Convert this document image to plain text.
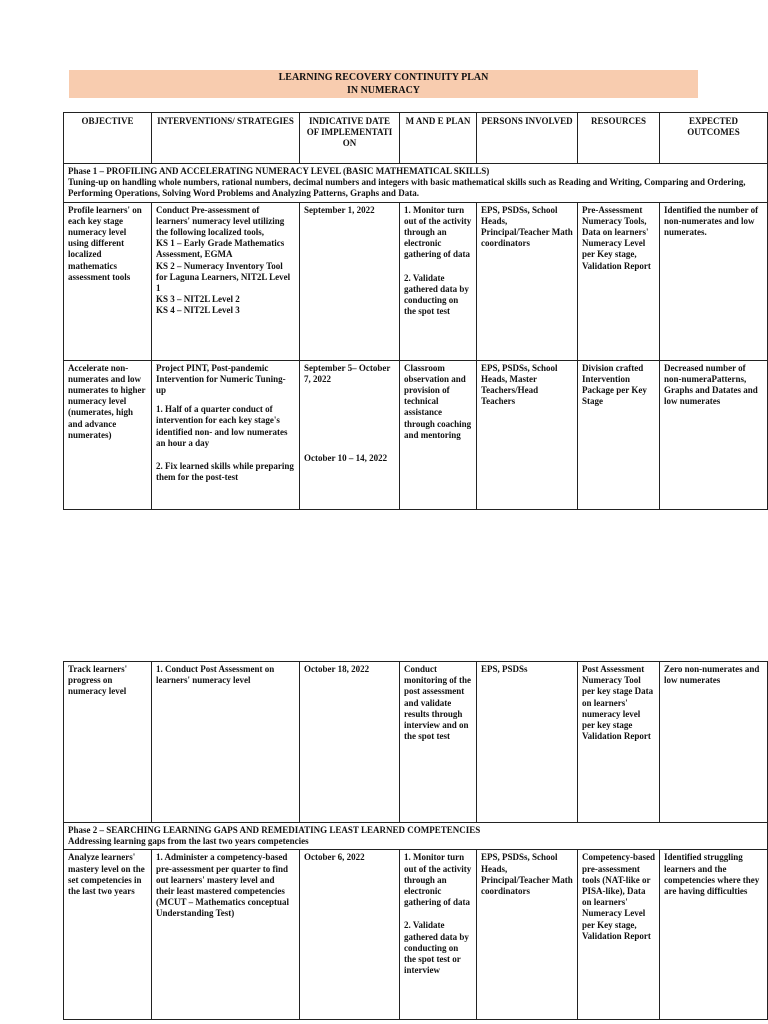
LEARNING RECOVERY CONTINUITY PLAN
IN NUMERACY
OBJECTIVE	INTERVENTIONS/ STRATEGIES	INDICATIVE DATE OF IMPLEMENTATI ON	M AND E PLAN	PERSONS INVOLVED	RESOURCES	EXPECTED OUTCOMES

Phase 1 – PROFILING AND ACCELERATING NUMERACY LEVEL (BASIC MATHEMATICAL SKILLS)
Tuning-up on handling whole numbers, rational numbers, decimal numbers and integers with basic mathematical skills such as Reading and Writing, Comparing and Ordering, Performing Operations, Solving Word Problems and Analyzing Patterns, Graphs and Data.						

Profile learners' on each key stage numeracy level using different localized mathematics assessment tools	Conduct Pre-assessment of learners' numeracy level utilizing the following localized tools,
KS 1 – Early Grade Mathematics Assessment, EGMA
KS 2 – Numeracy Inventory Tool for Laguna Learners, NIT2L Level 1
KS 3 – NIT2L Level 2
KS 4 – NIT2L Level 3	September 1, 2022	1. Monitor turn out of the activity through an electronic gathering of data
2. Validate gathered data by conducting on the spot test	EPS, PSDSs, School Heads, Principal/Teacher Math coordinators	Pre-Assessment Numeracy Tools, Data on learners' Numeracy Level per Key stage, Validation Report	Identified the number of non-numerates and low numerates.
Accelerate non-numerates and low numerates to higher numeracy level (numerates, high and advance numerates)	Project PINT, Post-pandemic Intervention for Numeric Tuning-up
1. Half of a quarter conduct of intervention for each key stage's identified non- and low numerates an hour a day
2. Fix learned skills while preparing them for the post-test	September 5– October 7, 2022
October 10 – 14, 2022	Classroom observation and provision of technical assistance through coaching and mentoring	EPS, PSDSs, School Heads, Master Teachers/Head Teachers	Division crafted Intervention Package per Key Stage	Decreased number of non-numeraPatterns, Graphs and Datates and low numerates
Track learners' progress on numeracy level	1. Conduct Post Assessment on learners' numeracy level	October 18, 2022	Conduct monitoring of the post assessment and validate results through interview and on the spot test	EPS, PSDSs	Post Assessment Numeracy Tool per key stage Data on learners' numeracy level per key stage Validation Report	Zero non-numerates and low numerates

Phase 2 – SEARCHING LEARNING GAPS AND REMEDIATING LEAST LEARNED COMPETENCIES
Addressing learning gaps from the last two years competencies						

Analyze learners' mastery level on the set competencies in the last two years	1. Administer a competency-based pre-assessment per quarter to find out learners' mastery level and their least mastered competencies (MCUT – Mathematics conceptual Understanding Test)	October 6, 2022	1. Monitor turn out of the activity through an electronic gathering of data
2. Validate gathered data by conducting on the spot test or interview	EPS, PSDSs, School Heads, Principal/Teacher Math coordinators	Competency-based pre-assessment tools (NAT-like or PISA-like), Data on learners' Numeracy Level per Key stage, Validation Report	Identified struggling learners and the competencies where they are having difficulties
